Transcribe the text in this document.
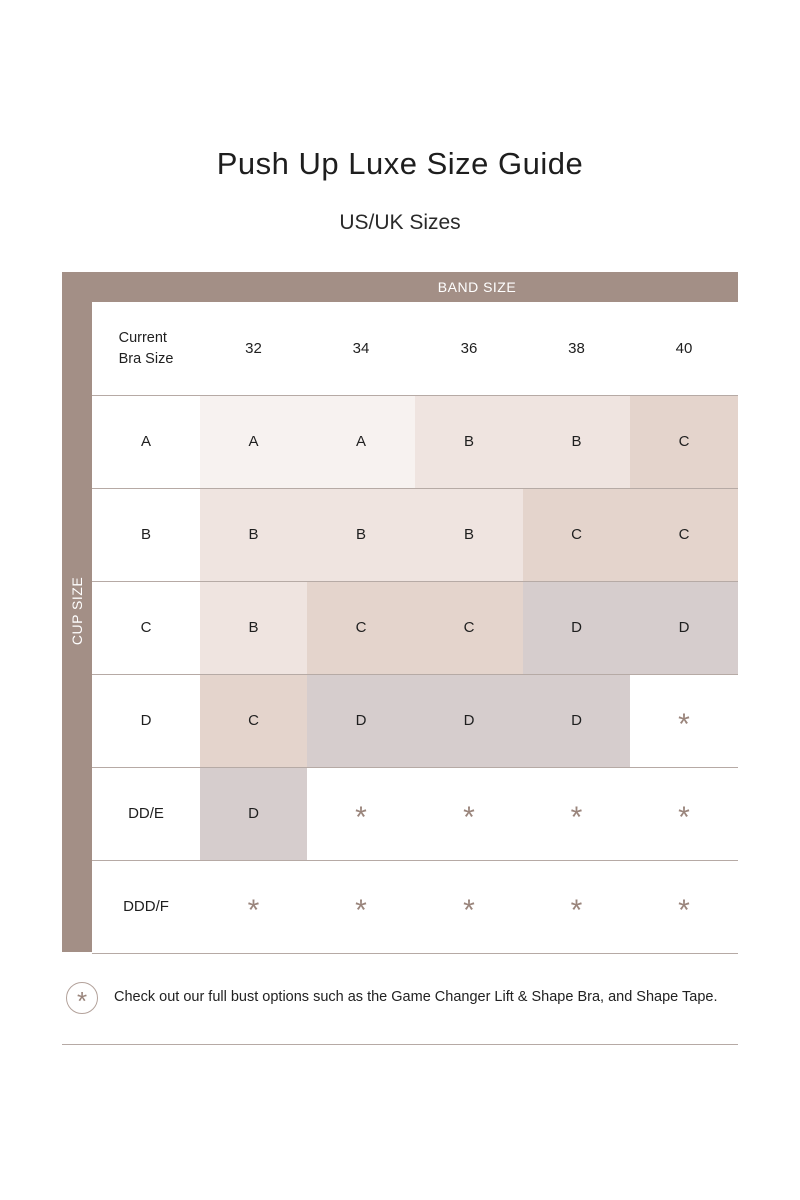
Push Up Luxe Size Guide
US/UK Sizes
BAND SIZE
CUP SIZE
Current
Bra Size
32	34	36	38	40
A	A	A	B	B	C
B	B	B	B	C	C
C	B	C	C	D	D
D	C	D	D	D	*
DD/E	D	*	*	*	*
DDD/F	*	*	*	*	*
*	Check out our full bust options such as the Game Changer Lift & Shape Bra, and Shape Tape.
